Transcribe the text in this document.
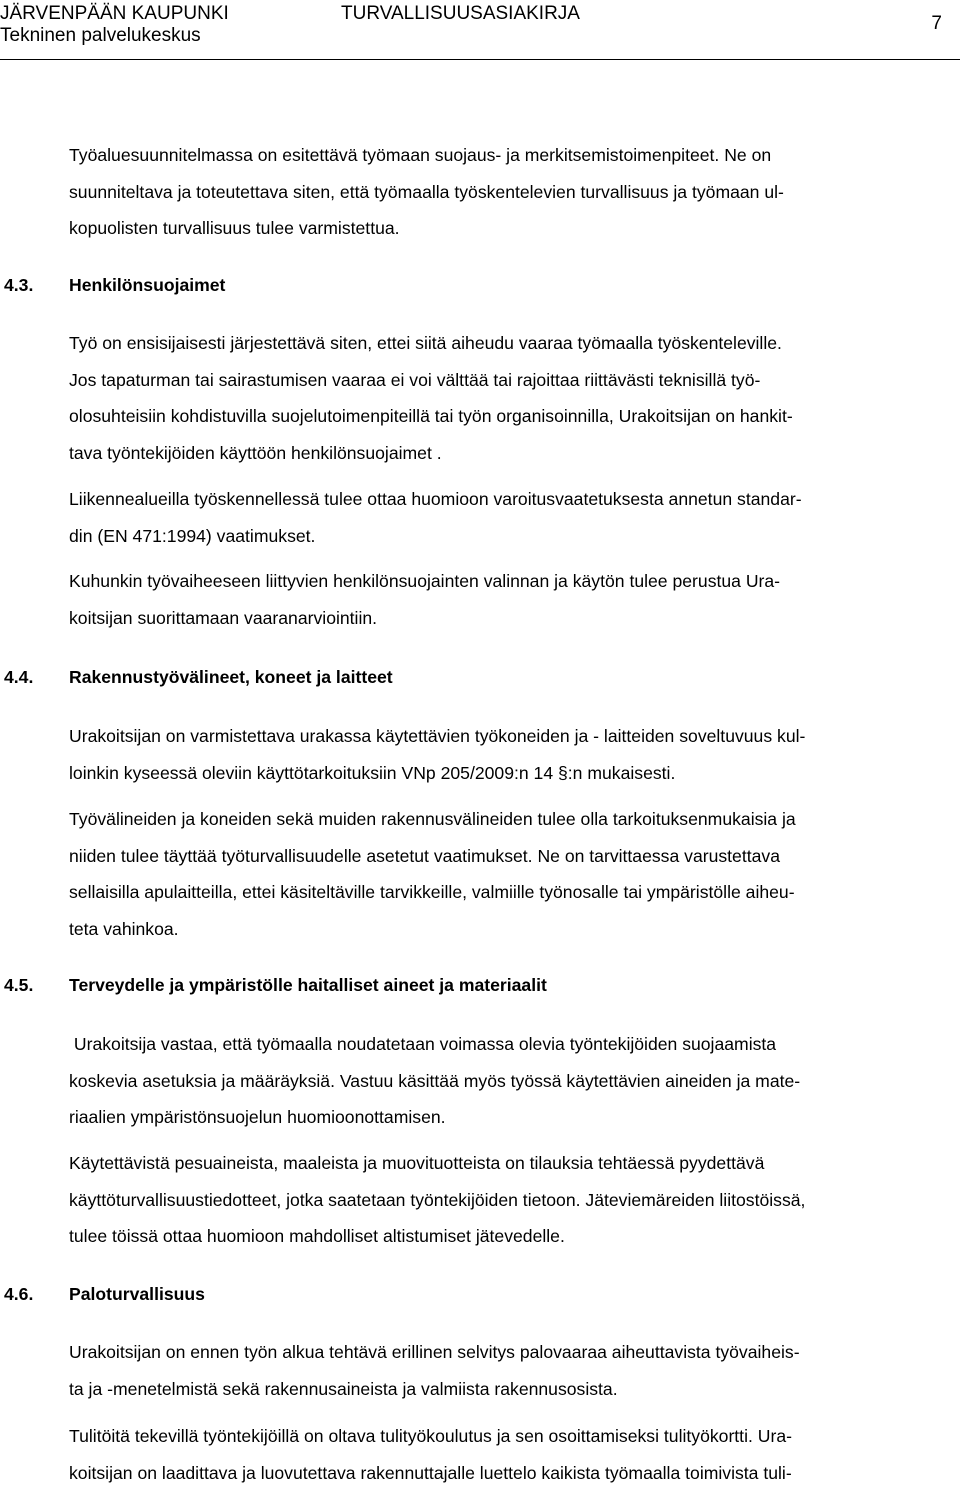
JÄRVENPÄÄN KAUPUNKI
Tekninen palvelukeskus
TURVALLISUUSASIAKIRJA	7
Työaluesuunnitelmassa on esitettävä työmaan suojaus- ja merkitsemistoimenpiteet. Ne on
suunniteltava ja toteutettava siten, että työmaalla työskentelevien turvallisuus ja työmaan ul-
kopuolisten turvallisuus tulee varmistettua.
4.3. Henkilönsuojaimet
Työ on ensisijaisesti järjestettävä siten, ettei siitä aiheudu vaaraa työmaalla työskenteleville.
Jos tapaturman tai sairastumisen vaaraa ei voi välttää tai rajoittaa riittävästi teknisillä työ-
olosuhteisiin kohdistuvilla suojelutoimenpiteillä tai työn organisoinnilla, Urakoitsijan on hankit-
tava työntekijöiden käyttöön henkilönsuojaimet .
Liikennealueilla työskennellessä tulee ottaa huomioon varoitusvaatetuksesta annetun standar-
din (EN 471:1994) vaatimukset.
Kuhunkin työvaiheeseen liittyvien henkilönsuojainten valinnan ja käytön tulee perustua Ura-
koitsijan suorittamaan vaaranarviointiin.
4.4. Rakennustyövälineet, koneet ja laitteet
Urakoitsijan on varmistettava urakassa käytettävien työkoneiden ja - laitteiden soveltuvuus kul-
loinkin kyseessä oleviin käyttötarkoituksiin VNp 205/2009:n 14 §:n mukaisesti.
Työvälineiden ja koneiden sekä muiden rakennusvälineiden tulee olla tarkoituksenmukaisia ja
niiden tulee täyttää työturvallisuudelle asetetut vaatimukset. Ne on tarvittaessa varustettava
sellaisilla apulaitteilla, ettei käsiteltäville tarvikkeille, valmiille työnosalle tai ympäristölle aiheu-
teta vahinkoa.
4.5. Terveydelle ja ympäristölle haitalliset aineet ja materiaalit
Urakoitsija vastaa, että työmaalla noudatetaan voimassa olevia työntekijöiden suojaamista
koskevia asetuksia ja määräyksiä. Vastuu käsittää myös työssä käytettävien aineiden ja mate-
riaalien ympäristönsuojelun huomioonottamisen.
Käytettävistä pesuaineista, maaleista ja muovituotteista on tilauksia tehtäessä pyydettävä
käyttöturvallisuustiedotteet, jotka saatetaan työntekijöiden tietoon. Jäteviemäreiden liitostöissä,
tulee töissä ottaa huomioon mahdolliset altistumiset jätevedelle.
4.6. Paloturvallisuus
Urakoitsijan on ennen työn alkua tehtävä erillinen selvitys palovaaraa aiheuttavista työvaiheis-
ta ja -menetelmistä sekä rakennusaineista ja valmiista rakennusosista.
Tulitöitä tekevillä työntekijöillä on oltava tulityökoulutus ja sen osoittamiseksi tulityökortti. Ura-
koitsijan on laadittava ja luovutettava rakennuttajalle luettelo kaikista työmaalla toimivista tuli-
